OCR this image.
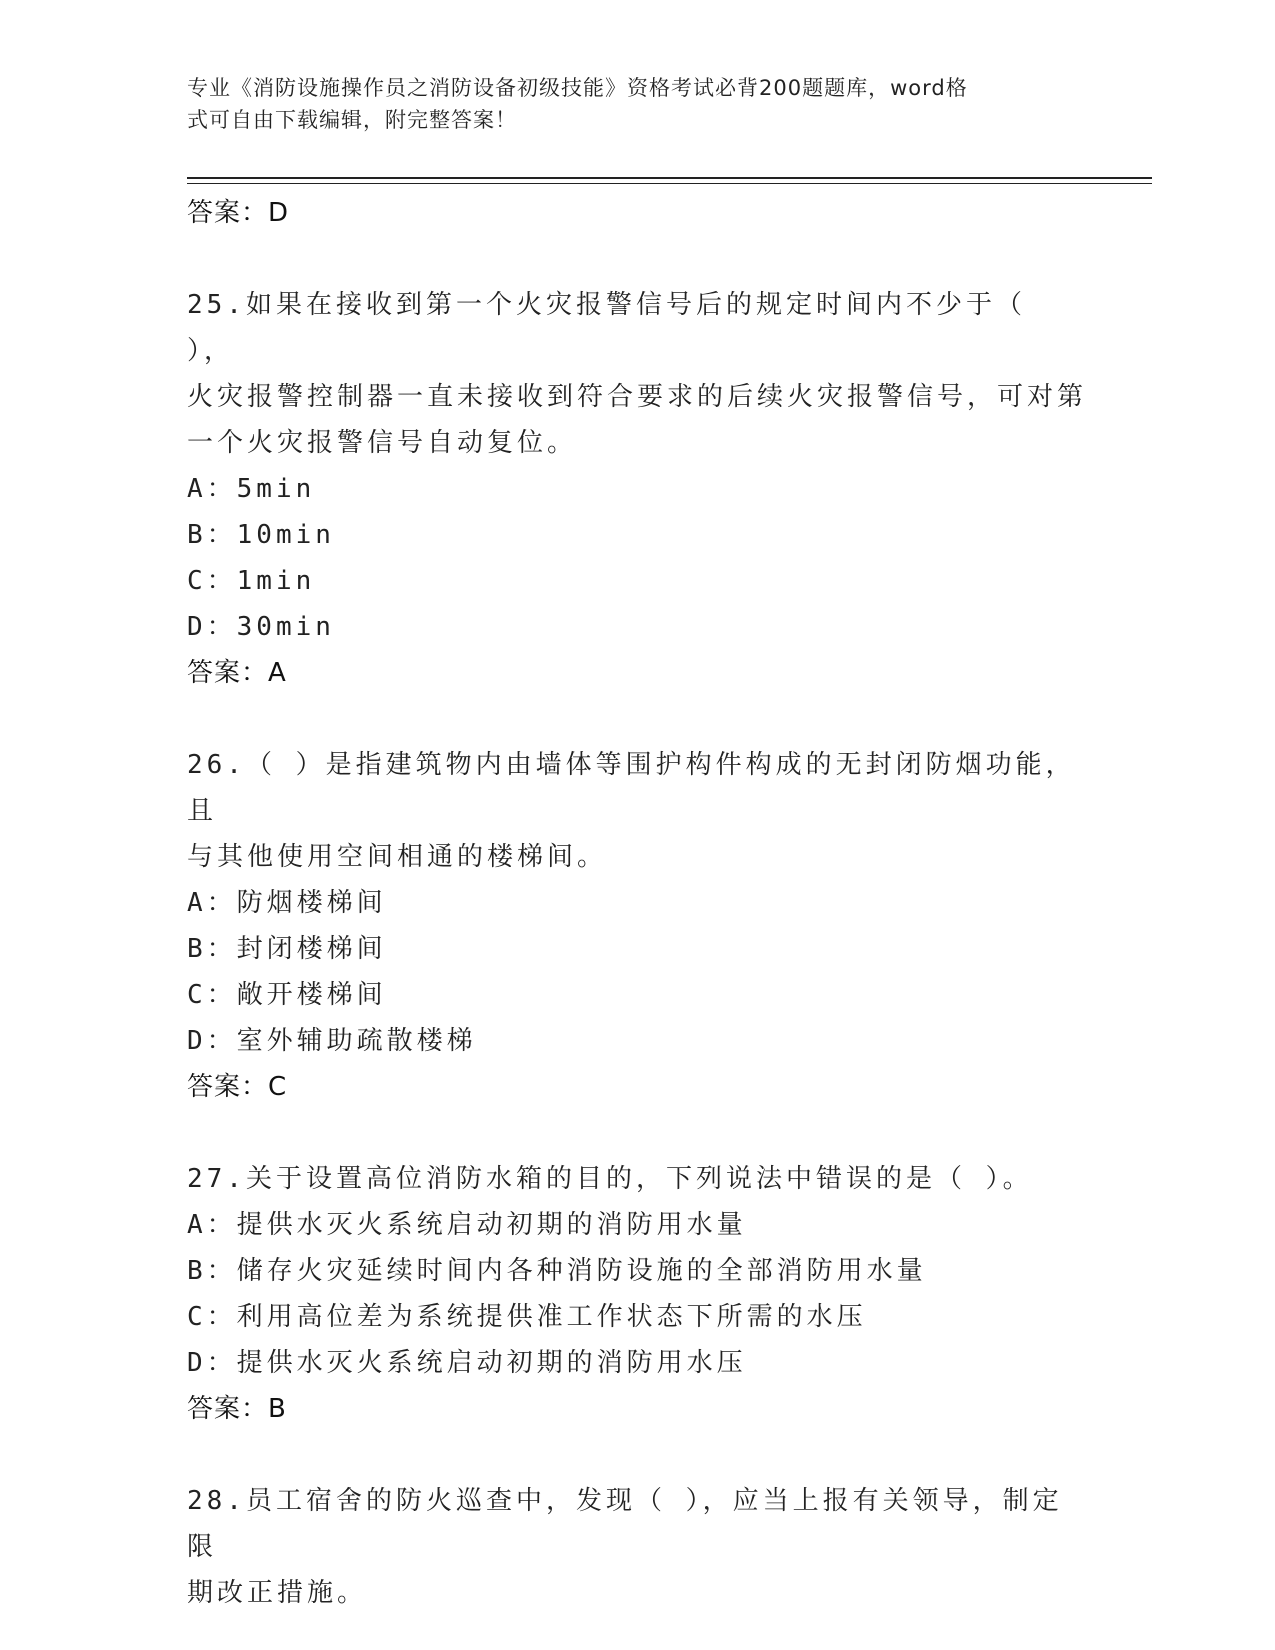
专业《消防设施操作员之消防设备初级技能》资格考试必背200题题库，word格
式可自由下载编辑，附完整答案！
答案：D
25.如果在接收到第一个火灾报警信号后的规定时间内不少于（ ），
火灾报警控制器一直未接收到符合要求的后续火灾报警信号，可对第
一个火灾报警信号自动复位。
A：5min
B：10min
C：1min
D：30min
答案：A
26.（ ）是指建筑物内由墙体等围护构件构成的无封闭防烟功能，且
与其他使用空间相通的楼梯间。
A：防烟楼梯间
B：封闭楼梯间
C：敞开楼梯间
D：室外辅助疏散楼梯
答案：C
27.关于设置高位消防水箱的目的，下列说法中错误的是（ ）。
A：提供水灭火系统启动初期的消防用水量
B：储存火灾延续时间内各种消防设施的全部消防用水量
C：利用高位差为系统提供准工作状态下所需的水压
D：提供水灭火系统启动初期的消防用水压
答案：B
28.员工宿舍的防火巡查中，发现（ ），应当上报有关领导，制定限
期改正措施。
